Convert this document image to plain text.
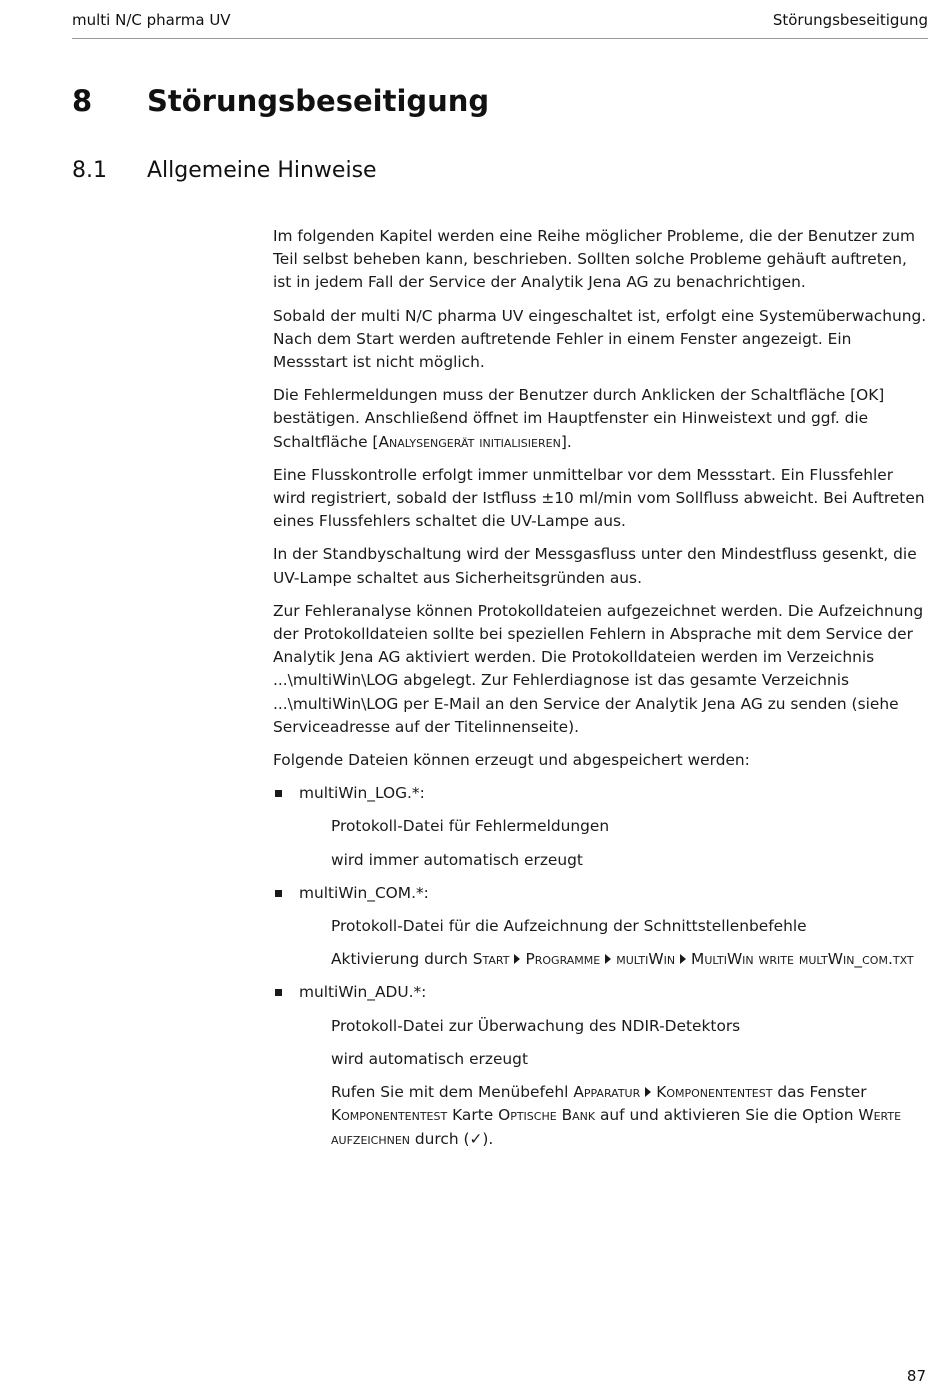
multi N/C pharma UV	Störungsbeseitigung
8 Störungsbeseitigung
8.1 Allgemeine Hinweise

Im folgenden Kapitel werden eine Reihe möglicher Probleme, die der Benutzer zum Teil selbst beheben kann, beschrieben. Sollten solche Probleme gehäuft auftreten, ist in jedem Fall der Service der Analytik Jena AG zu benachrichtigen.

Sobald der multi N/C pharma UV eingeschaltet ist, erfolgt eine Systemüberwachung. Nach dem Start werden auftretende Fehler in einem Fenster angezeigt. Ein Messstart ist nicht möglich.

Die Fehlermeldungen muss der Benutzer durch Anklicken der Schaltfläche [OK] bestätigen. Anschließend öffnet im Hauptfenster ein Hinweistext und ggf. die Schaltfläche [Analysengerät initialisieren].

Eine Flusskontrolle erfolgt immer unmittelbar vor dem Messstart. Ein Flussfehler wird registriert, sobald der Istfluss ±10 ml/min vom Sollfluss abweicht. Bei Auftreten eines Flussfehlers schaltet die UV-Lampe aus.

In der Standbyschaltung wird der Messgasfluss unter den Mindestfluss gesenkt, die UV-Lampe schaltet aus Sicherheitsgründen aus.

Zur Fehleranalyse können Protokolldateien aufgezeichnet werden. Die Aufzeichnung der Protokolldateien sollte bei speziellen Fehlern in Absprache mit dem Service der Analytik Jena AG aktiviert werden. Die Protokolldateien werden im Verzeichnis ...\multiWin\LOG abgelegt. Zur Fehlerdiagnose ist das gesamte Verzeichnis ...\multiWin\LOG per E-Mail an den Service der Analytik Jena AG zu senden (siehe Serviceadresse auf der Titelinnenseite).

Folgende Dateien können erzeugt und abgespeichert werden:

multiWin_LOG.*:
Protokoll-Datei für Fehlermeldungen
wird immer automatisch erzeugt
multiWin_COM.*:
Protokoll-Datei für die Aufzeichnung der Schnittstellenbefehle
Aktivierung durch Start Programme multiWin MultiWin write multWin_com.txt
multiWin_ADU.*:
Protokoll-Datei zur Überwachung des NDIR-Detektors
wird automatisch erzeugt
Rufen Sie mit dem Menübefehl Apparatur Komponententest das Fenster Komponententest Karte Optische Bank auf und aktivieren Sie die Option Werte aufzeichnen durch (✓).
87
